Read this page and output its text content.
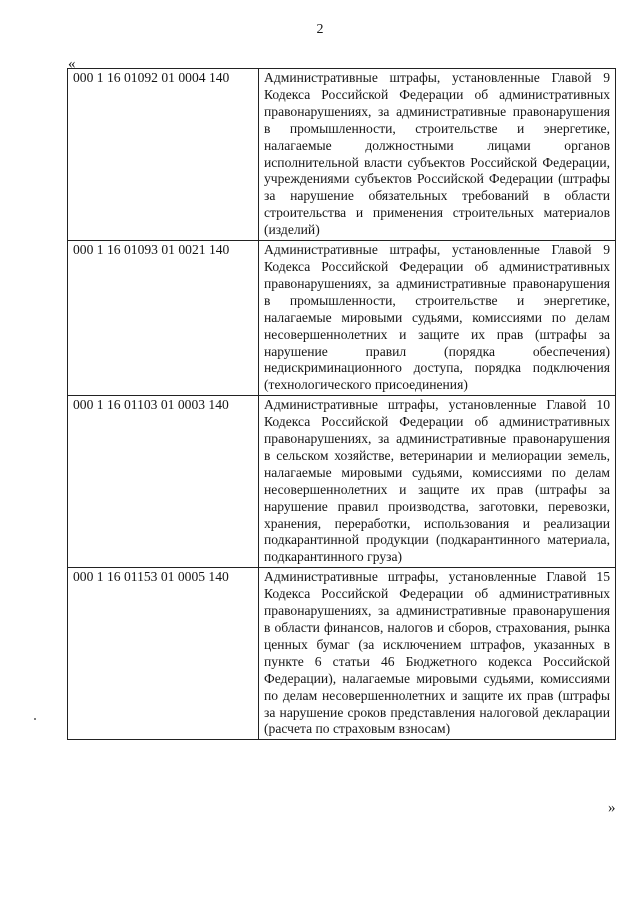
2
«
000 1 16 01092 01 0004 140	Административные штрафы, установленные Главой 9 Кодекса Российской Федерации об административных правонарушениях, за административные правонарушения в промышленности, строительстве и энергетике, налагаемые должностными лицами органов исполнительной власти субъектов Российской Федерации, учреждениями субъектов Российской Федерации (штрафы за нарушение обязательных требований в области строительства и применения строительных материалов (изделий)
000 1 16 01093 01 0021 140	Административные штрафы, установленные Главой 9 Кодекса Российской Федерации об административных правонарушениях, за административные правонарушения в промышленности, строительстве и энергетике, налагаемые мировыми судьями, комиссиями по делам несовершеннолетних и защите их прав (штрафы за нарушение правил (порядка обеспечения) недискриминационного доступа, порядка подключения (технологического присоединения)
000 1 16 01103 01 0003 140	Административные штрафы, установленные Главой 10 Кодекса Российской Федерации об административных правонарушениях, за административные правонарушения в сельском хозяйстве, ветеринарии и мелиорации земель, налагаемые мировыми судьями, комиссиями по делам несовершеннолетних и защите их прав (штрафы за нарушение правил производства, заготовки, перевозки, хранения, переработки, использования и реализации подкарантинной продукции (подкарантинного материала, подкарантинного груза)
000 1 16 01153 01 0005 140	Административные штрафы, установленные Главой 15 Кодекса Российской Федерации об административных правонарушениях, за административные правонарушения в области финансов, налогов и сборов, страхования, рынка ценных бумаг (за исключением штрафов, указанных в пункте 6 статьи 46 Бюджетного кодекса Российской Федерации), налагаемые мировыми судьями, комиссиями по делам несовершеннолетних и защите их прав (штрафы за нарушение сроков представления налоговой декларации (расчета по страховым взносам)
»
